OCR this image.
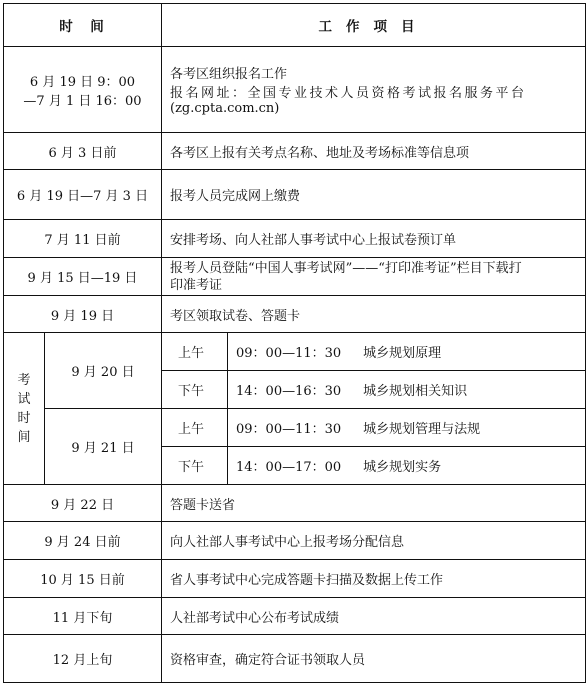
时　间		工作项目	

6 月 19 日 9：00
—7 月 1 日 16：00		各考区组织报名工作
报名网址：全国专业技术人员资格考试报名服务平台
(zg.cpta.com.cn)	

6 月 3 日前		各考区上报有关考点名称、地址及考场标准等信息项	
6 月 19 日—7 月 3 日		报考人员完成网上缴费	
7 月 11 日前		安排考场、向人社部人事考试中心上报试卷预订单	
9 月 15 日—19 日		报考人员登陆“中国人事考试网”——“打印准考证”栏目下载打
印准考证	

9 月 19 日		考区领取试卷、答题卡	

考
试
时
间	9 月 20 日	上午	09：00—11：30 城乡规划原理
		下午	14：00—16：30 城乡规划相关知识
	9 月 21 日	上午	09：00—11：30 城乡规划管理与法规
		下午	14：00—17：00 城乡规划实务
9 月 22 日		答题卡送省	
9 月 24 日前		向人社部人事考试中心上报考场分配信息	
10 月 15 日前		省人事考试中心完成答题卡扫描及数据上传工作	
11 月下旬		人社部考试中心公布考试成绩	
12 月上旬		资格审查，确定符合证书领取人员	
